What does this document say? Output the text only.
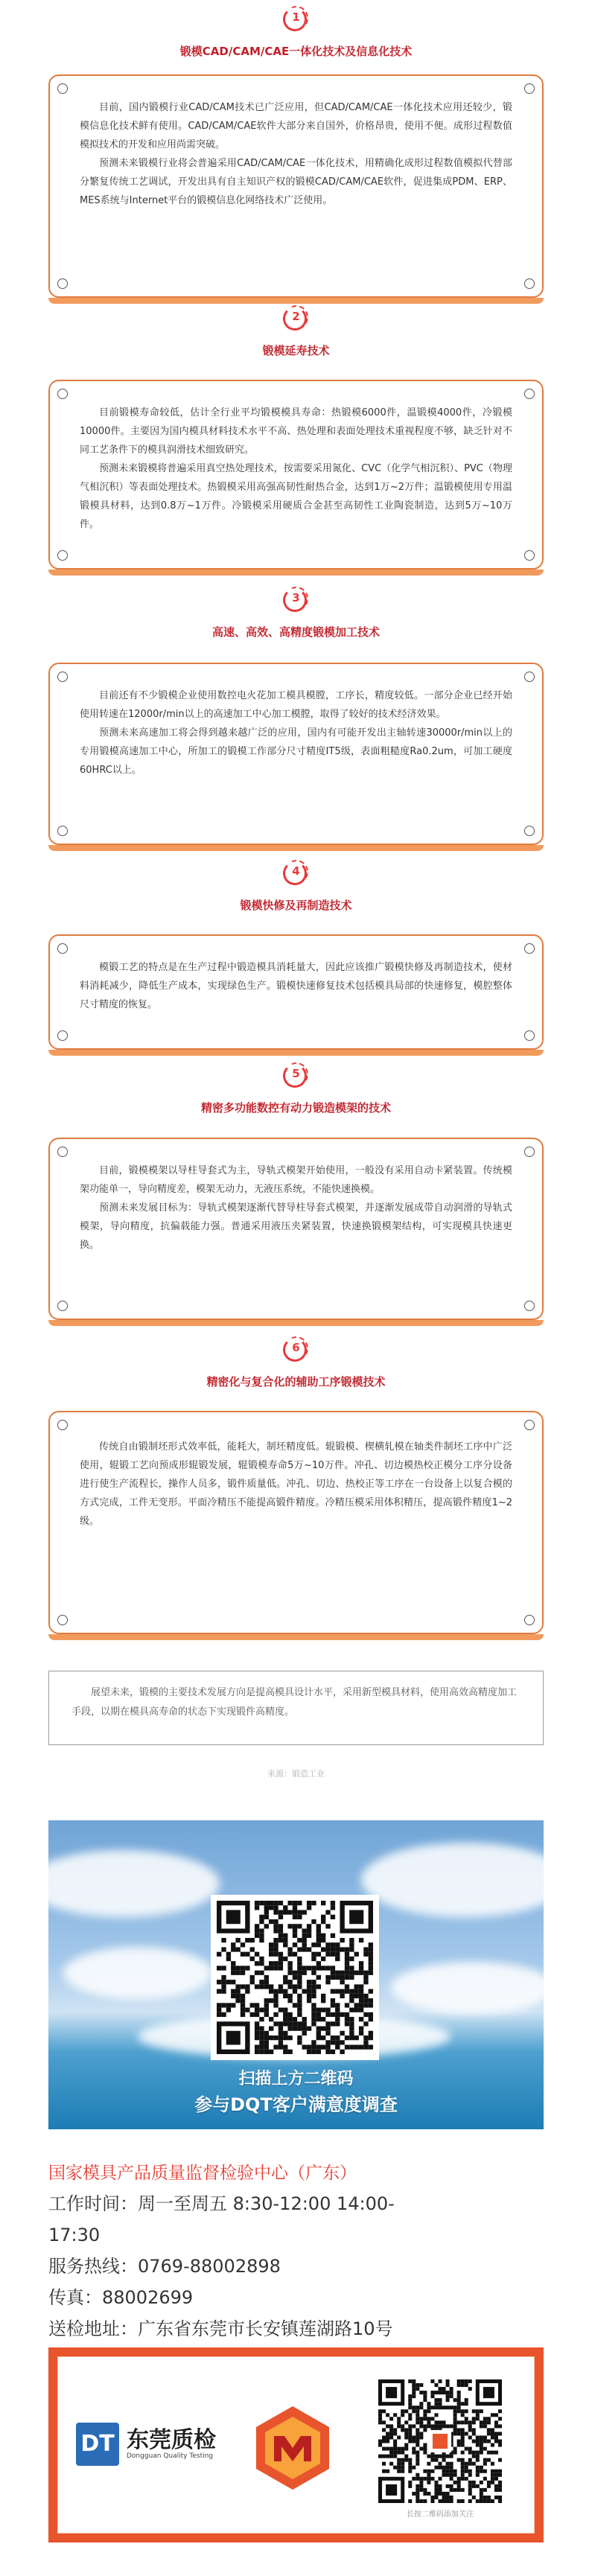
1
锻模CAD/CAM/CAE一体化技术及信息化技术

目前，国内锻模行业CAD/CAM技术已广泛应用，但CAD/CAM/CAE一体化技术应用还较少，锻模信息化技术鲜有使用。CAD/CAM/CAE软件大部分来自国外，价格昂贵，使用不便。成形过程数值模拟技术的开发和应用尚需突破。

预测未来锻模行业将会普遍采用CAD/CAM/CAE一体化技术，用精确化成形过程数值模拟代替部分繁复传统工艺调试，开发出具有自主知识产权的锻模CAD/CAM/CAE软件，促进集成PDM、ERP、MES系统与Internet平台的锻模信息化网络技术广泛使用。

2
锻模延寿技术

目前锻模寿命较低，估计全行业平均锻模模具寿命：热锻模6000件，温锻模4000件，冷锻模10000件。主要因为国内模具材料技术水平不高、热处理和表面处理技术重视程度不够，缺乏针对不同工艺条件下的模具润滑技术细致研究。

预测未来锻模将普遍采用真空热处理技术，按需要采用氮化、CVC（化学气相沉积）、PVC（物理气相沉积）等表面处理技术。热锻模采用高强高韧性耐热合金，达到1万~2万件；温锻模使用专用温锻模具材料，达到0.8万~1万件。冷锻模采用硬质合金甚至高韧性工业陶瓷制造，达到5万~10万件。

3
高速、高效、高精度锻模加工技术

目前还有不少锻模企业使用数控电火花加工模具模膛，工序长，精度较低。一部分企业已经开始使用转速在12000r/min以上的高速加工中心加工模膛，取得了较好的技术经济效果。

预测未来高速加工将会得到越来越广泛的应用，国内有可能开发出主轴转速30000r/min以上的专用锻模高速加工中心，所加工的锻模工作部分尺寸精度IT5级，表面粗糙度Ra0.2um，可加工硬度60HRC以上。

4
锻模快修及再制造技术

模锻工艺的特点是在生产过程中锻造模具消耗量大，因此应该推广锻模快修及再制造技术，使材料消耗减少，降低生产成本，实现绿色生产。锻模快速修复技术包括模具局部的快速修复，模腔整体尺寸精度的恢复。

5
精密多功能数控有动力锻造模架的技术

目前，锻模模架以导柱导套式为主，导轨式模架开始使用，一般没有采用自动卡紧装置。传统模架功能单一，导向精度差，模架无动力，无液压系统，不能快速换模。

预测未来发展目标为：导轨式模架逐渐代替导柱导套式模架，并逐渐发展成带自动润滑的导轨式模架，导向精度，抗偏载能力强。普通采用液压夹紧装置，快速换锻模架结构，可实现模具快速更换。

6
精密化与复合化的辅助工序锻模技术

传统自由锻制坯形式效率低，能耗大，制坯精度低。辊锻模、楔横轧模在轴类件制坯工序中广泛使用，辊锻工艺向预成形辊锻发展，辊锻模寿命5万~10万件。冲孔、切边模热校正模分工序分设备进行使生产流程长，操作人员多，锻件质量低。冲孔、切边、热校正等工序在一台设备上以复合模的方式完成，工件无变形。平面冷精压不能提高锻件精度。冷精压模采用体积精压，提高锻件精度1~2级。

展望未来，锻模的主要技术发展方向是提高模具设计水平，采用新型模具材料，使用高效高精度加工手段，以期在模具高寿命的状态下实现锻件高精度。

来源：锻造工业
扫描上方二维码
参与DQT客户满意度调查

国家模具产品质量监督检验中心（广东）

工作时间：周一至周五 8:30-12:00 14:00-

17:30

服务热线：0769-88002898

传真：88002699

送检地址：广东省东莞市长安镇莲湖路10号

DT 东莞质检
Dongguan Quality Testing
长按二维码添加关注
